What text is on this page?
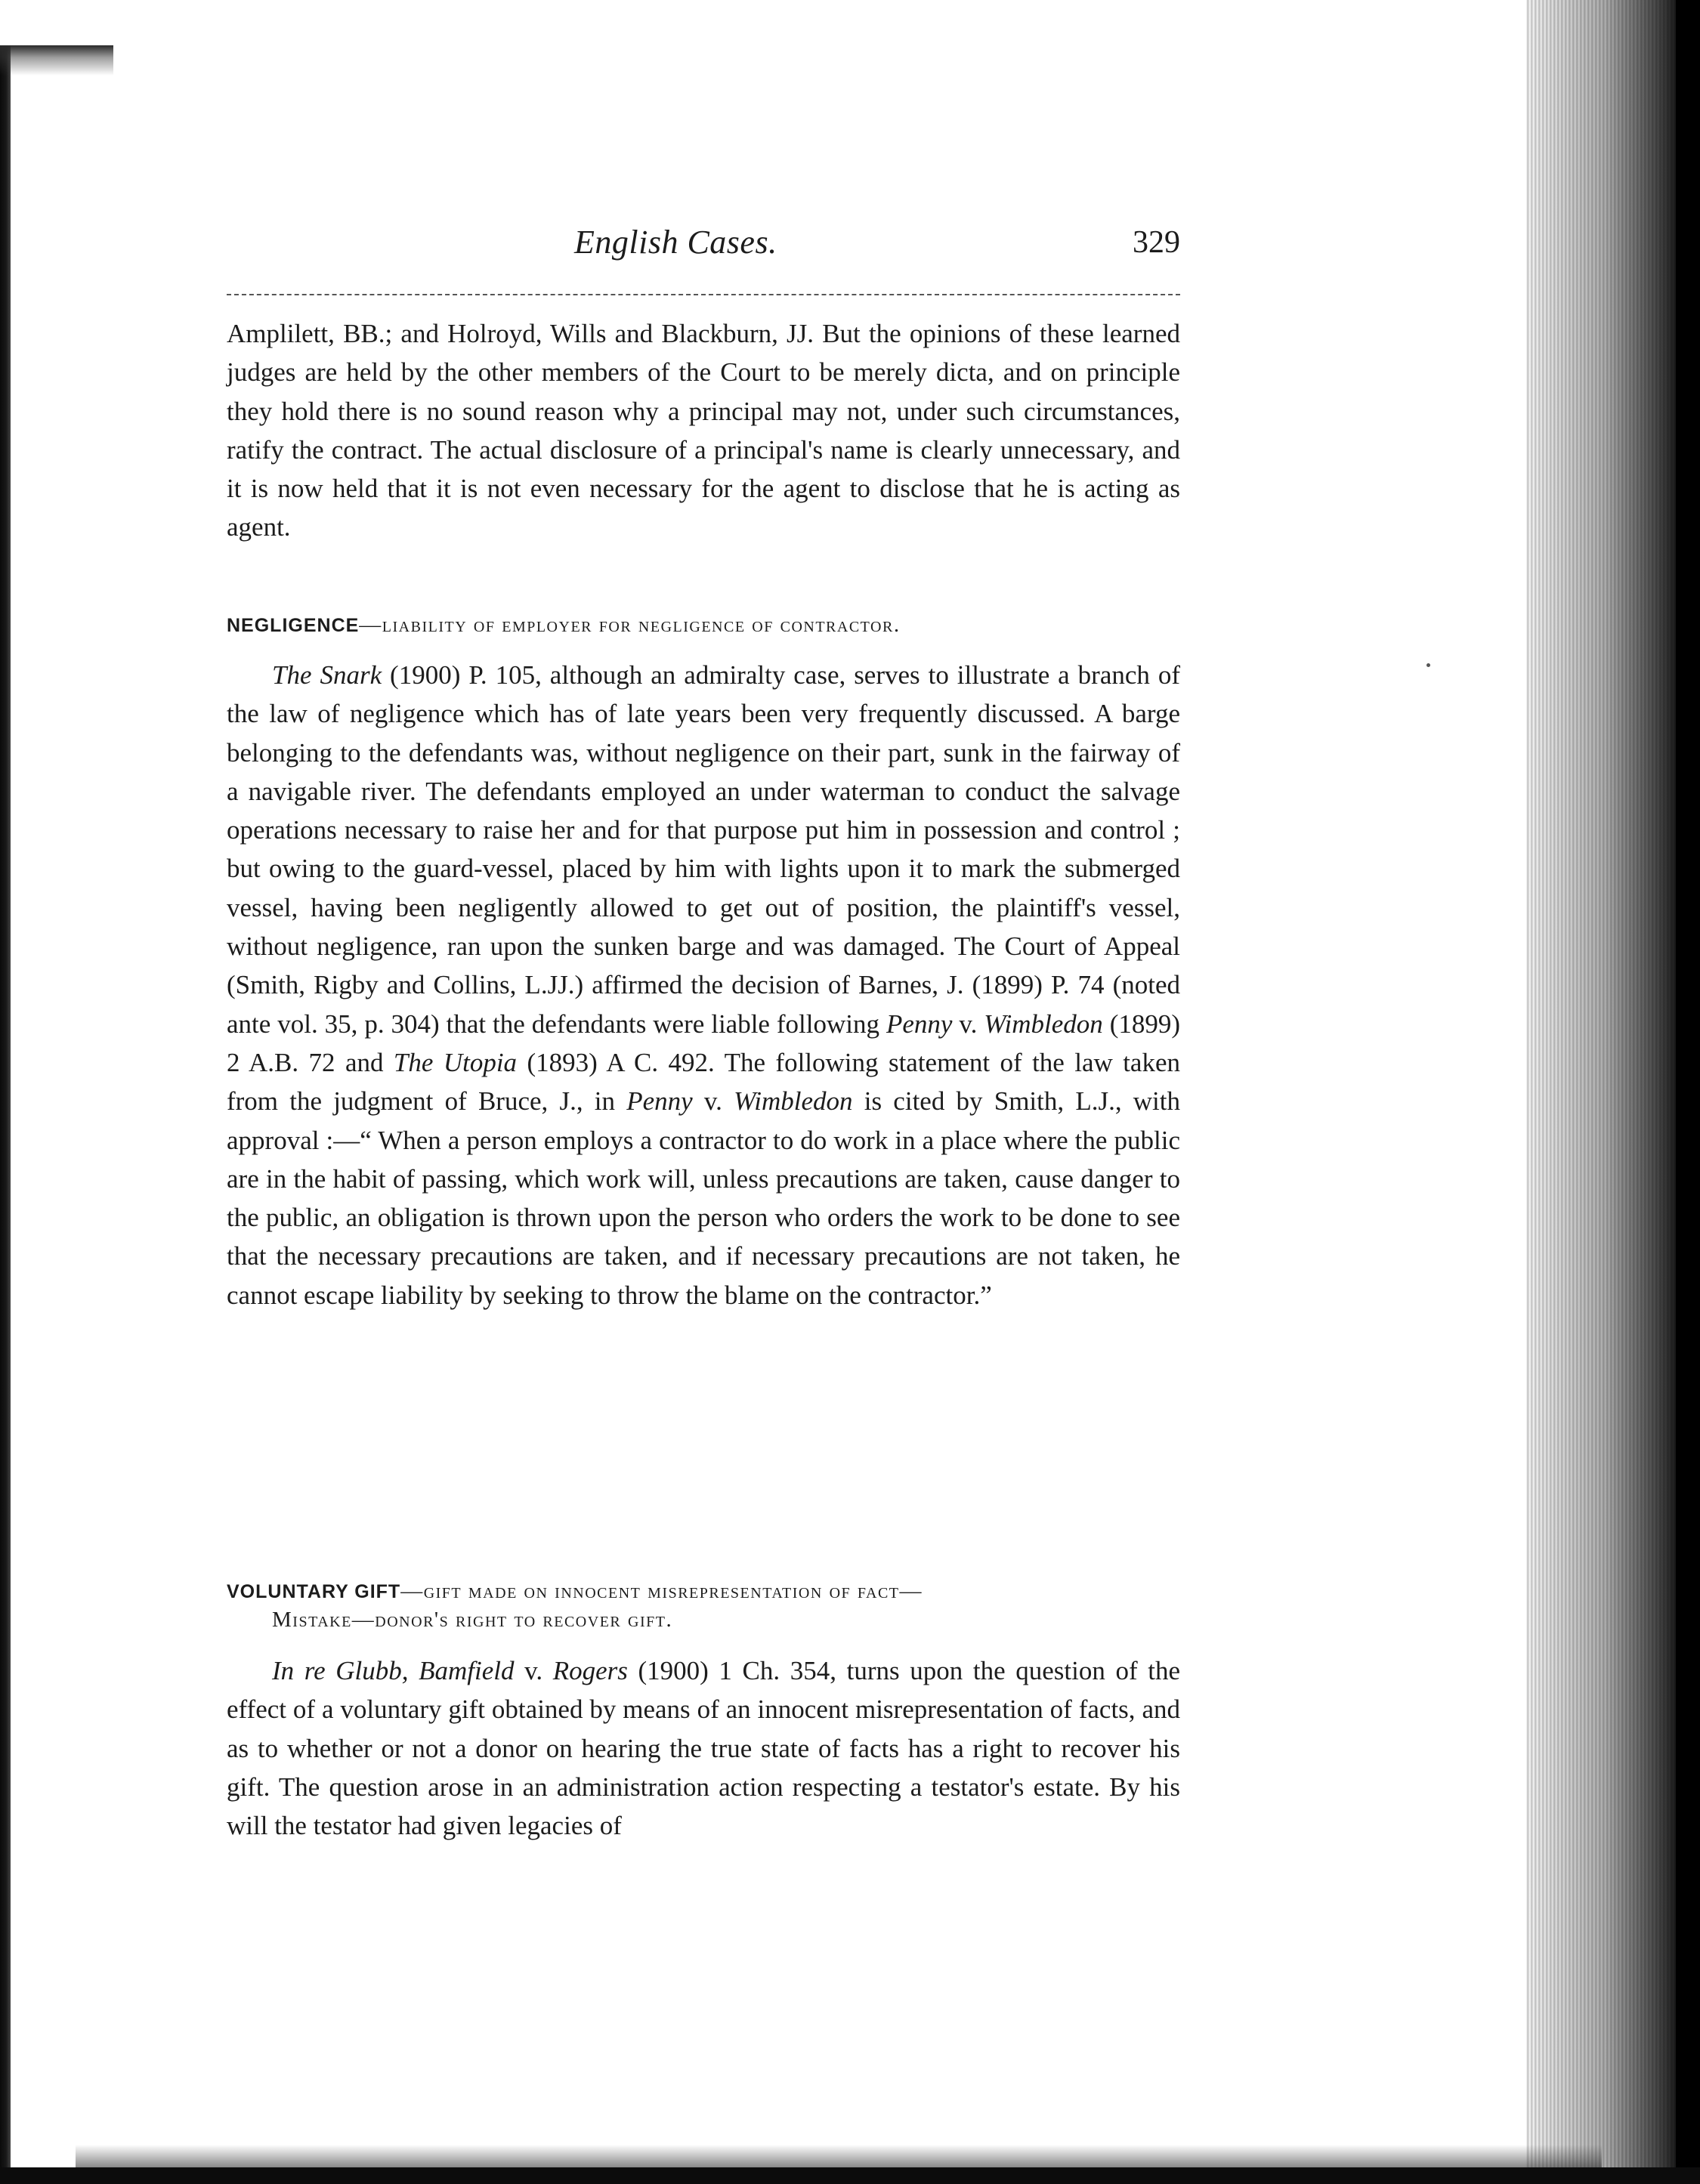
English Cases.	329

Amplilett, BB.; and Holroyd, Wills and Blackburn, JJ. But the opinions of these learned judges are held by the other members of the Court to be merely dicta, and on principle they hold there is no sound reason why a principal may not, under such circumstances, ratify the contract. The actual disclosure of a principal's name is clearly unnecessary, and it is now held that it is not even necessary for the agent to disclose that he is acting as agent.

NEGLIGENCE—liability of employer for negligence of contractor.

The Snark (1900) P. 105, although an admiralty case, serves to illustrate a branch of the law of negligence which has of late years been very frequently discussed. A barge belonging to the defendants was, without negligence on their part, sunk in the fairway of a navigable river. The defendants employed an under waterman to conduct the salvage operations necessary to raise her and for that purpose put him in possession and control ; but owing to the guard-vessel, placed by him with lights upon it to mark the submerged vessel, having been negligently allowed to get out of position, the plaintiff's vessel, without negligence, ran upon the sunken barge and was damaged. The Court of Appeal (Smith, Rigby and Collins, L.JJ.) affirmed the decision of Barnes, J. (1899) P. 74 (noted ante vol. 35, p. 304) that the defendants were liable following Penny v. Wimbledon (1899) 2 A.B. 72 and The Utopia (1893) A C. 492. The following statement of the law taken from the judgment of Bruce, J., in Penny v. Wimbledon is cited by Smith, L.J., with approval :—“ When a person employs a contractor to do work in a place where the public are in the habit of passing, which work will, unless precautions are taken, cause danger to the public, an obligation is thrown upon the person who orders the work to be done to see that the necessary precautions are taken, and if necessary precautions are not taken, he cannot escape liability by seeking to throw the blame on the contractor.”

VOLUNTARY GIFT—gift made on innocent misrepresentation of fact—
Mistake—donor's right to recover gift.

In re Glubb, Bamfield v. Rogers (1900) 1 Ch. 354, turns upon the question of the effect of a voluntary gift obtained by means of an innocent misrepresentation of facts, and as to whether or not a donor on hearing the true state of facts has a right to recover his gift. The question arose in an administration action respecting a testator's estate. By his will the testator had given legacies of
